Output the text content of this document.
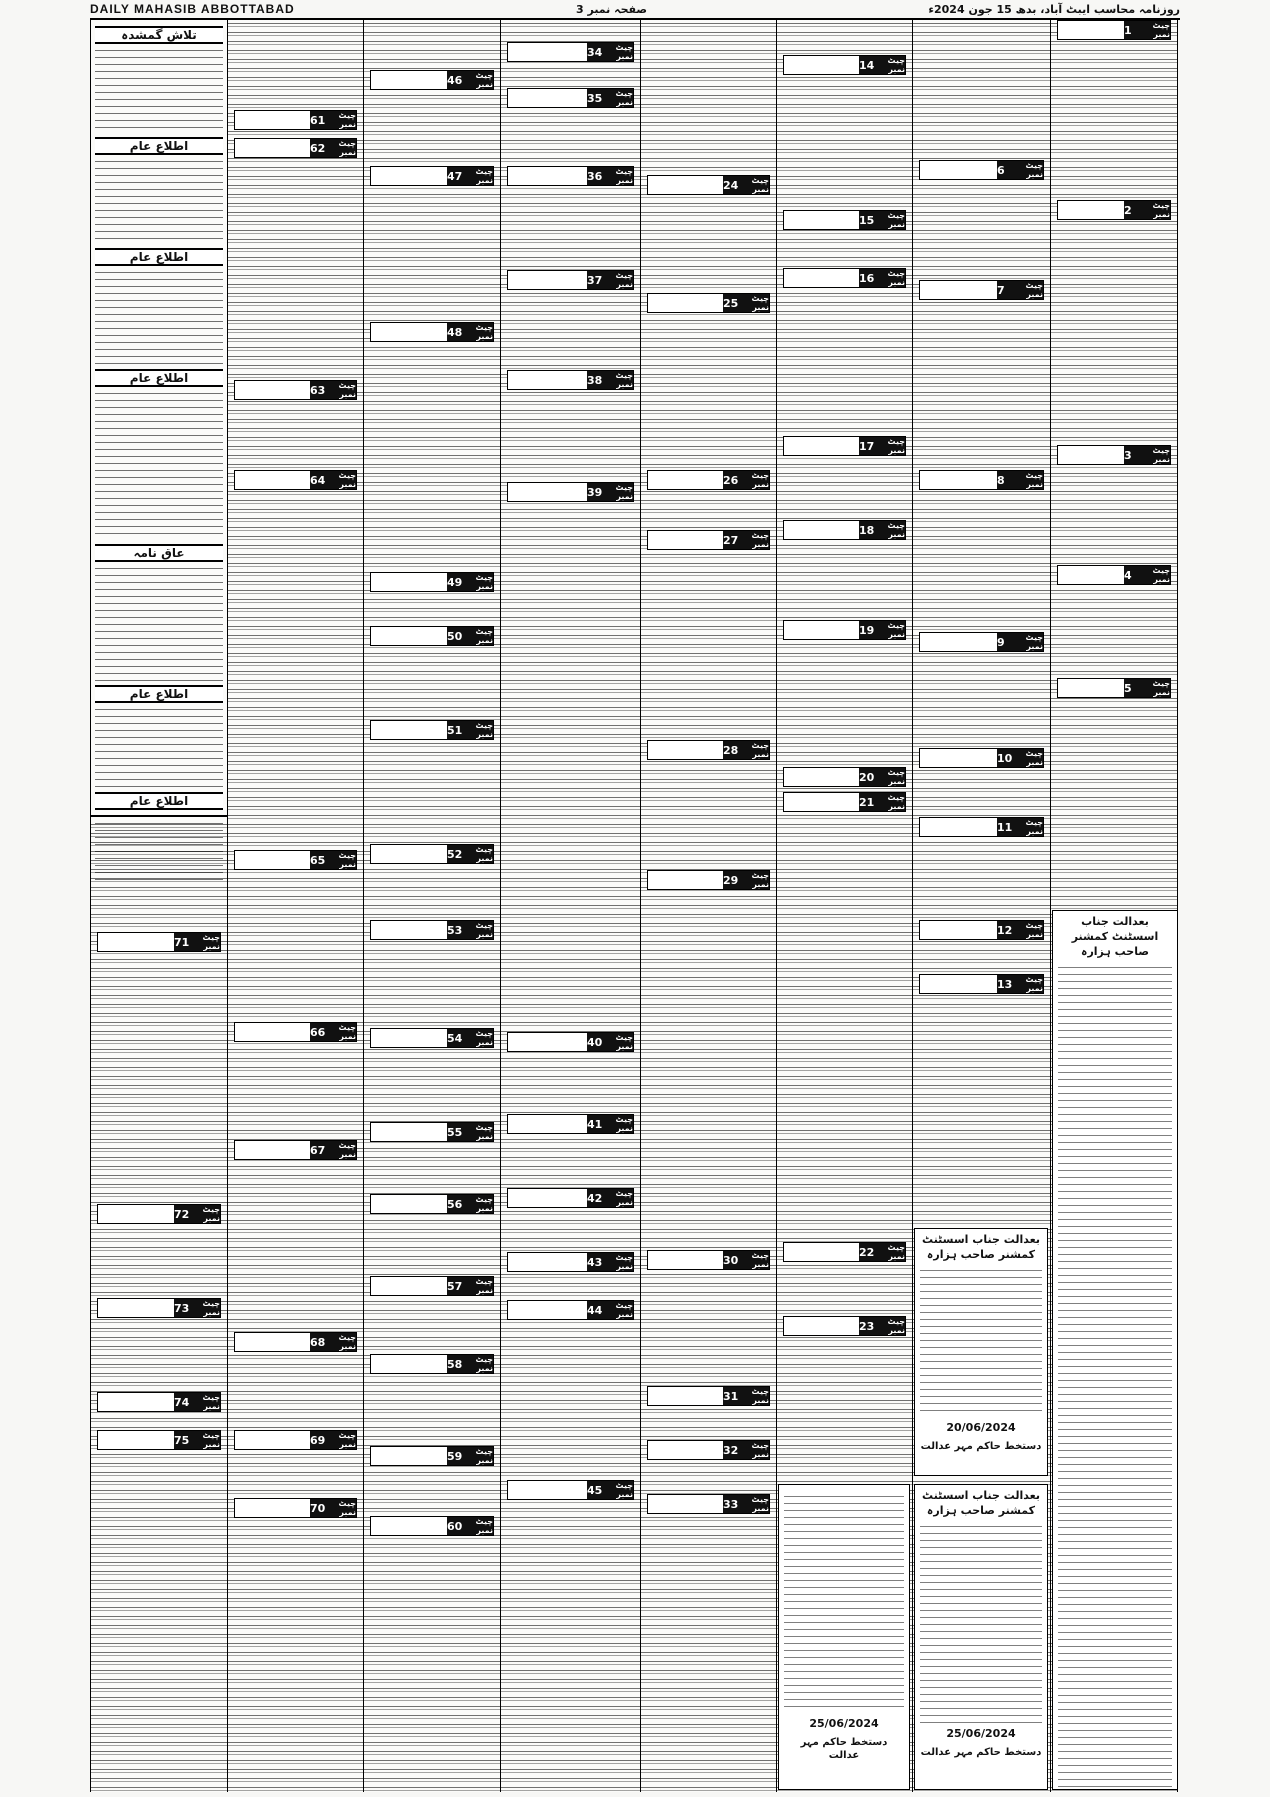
DAILY MAHASIB ABBOTTABAD	صفحہ نمبر 3	روزنامہ محاسب ایبٹ آباد، بدھ 15 جون 2024ء
چیٹ نمبر
1
چیٹ نمبر
2
چیٹ نمبر
3
چیٹ نمبر
4
چیٹ نمبر
5
چیٹ نمبر
6
چیٹ نمبر
7
چیٹ نمبر
8
چیٹ نمبر
9
چیٹ نمبر
10
چیٹ نمبر
11
چیٹ نمبر
12
چیٹ نمبر
13
چیٹ نمبر
14
چیٹ نمبر
15
چیٹ نمبر
16
چیٹ نمبر
17
چیٹ نمبر
18
چیٹ نمبر
19
چیٹ نمبر
20
چیٹ نمبر
21
چیٹ نمبر
22
چیٹ نمبر
23
چیٹ نمبر
24
چیٹ نمبر
25
چیٹ نمبر
26
چیٹ نمبر
27
چیٹ نمبر
28
چیٹ نمبر
29
چیٹ نمبر
30
چیٹ نمبر
31
چیٹ نمبر
32
چیٹ نمبر
33
چیٹ نمبر
34
چیٹ نمبر
35
چیٹ نمبر
36
چیٹ نمبر
37
چیٹ نمبر
38
چیٹ نمبر
39
چیٹ نمبر
40
چیٹ نمبر
41
چیٹ نمبر
42
چیٹ نمبر
43
چیٹ نمبر
44
چیٹ نمبر
45
چیٹ نمبر
46
چیٹ نمبر
47
چیٹ نمبر
48
چیٹ نمبر
49
چیٹ نمبر
50
چیٹ نمبر
51
چیٹ نمبر
52
چیٹ نمبر
53
چیٹ نمبر
54
چیٹ نمبر
55
چیٹ نمبر
56
چیٹ نمبر
57
چیٹ نمبر
58
چیٹ نمبر
59
چیٹ نمبر
60
چیٹ نمبر
61
چیٹ نمبر
62
چیٹ نمبر
63
چیٹ نمبر
64
چیٹ نمبر
65
چیٹ نمبر
66
چیٹ نمبر
67
چیٹ نمبر
68
چیٹ نمبر
69
چیٹ نمبر
70
تلاش گمشدہ
اطلاع عام
اطلاع عام
اطلاع عام
عاق نامہ
اطلاع عام
اطلاع عام
چیٹ نمبر
71
چیٹ نمبر
72
چیٹ نمبر
73
چیٹ نمبر
74
چیٹ نمبر
75
بعدالت جناب اسسٹنٹ کمشنر صاحب ہزارہ
بعدالت جناب اسسٹنٹ کمشنر صاحب ہزارہ
20/06/2024
دستخط حاکم مہر عدالت
بعدالت جناب اسسٹنٹ کمشنر صاحب ہزارہ
25/06/2024
دستخط حاکم مہر عدالت
25/06/2024
دستخط حاکم مہر عدالت
